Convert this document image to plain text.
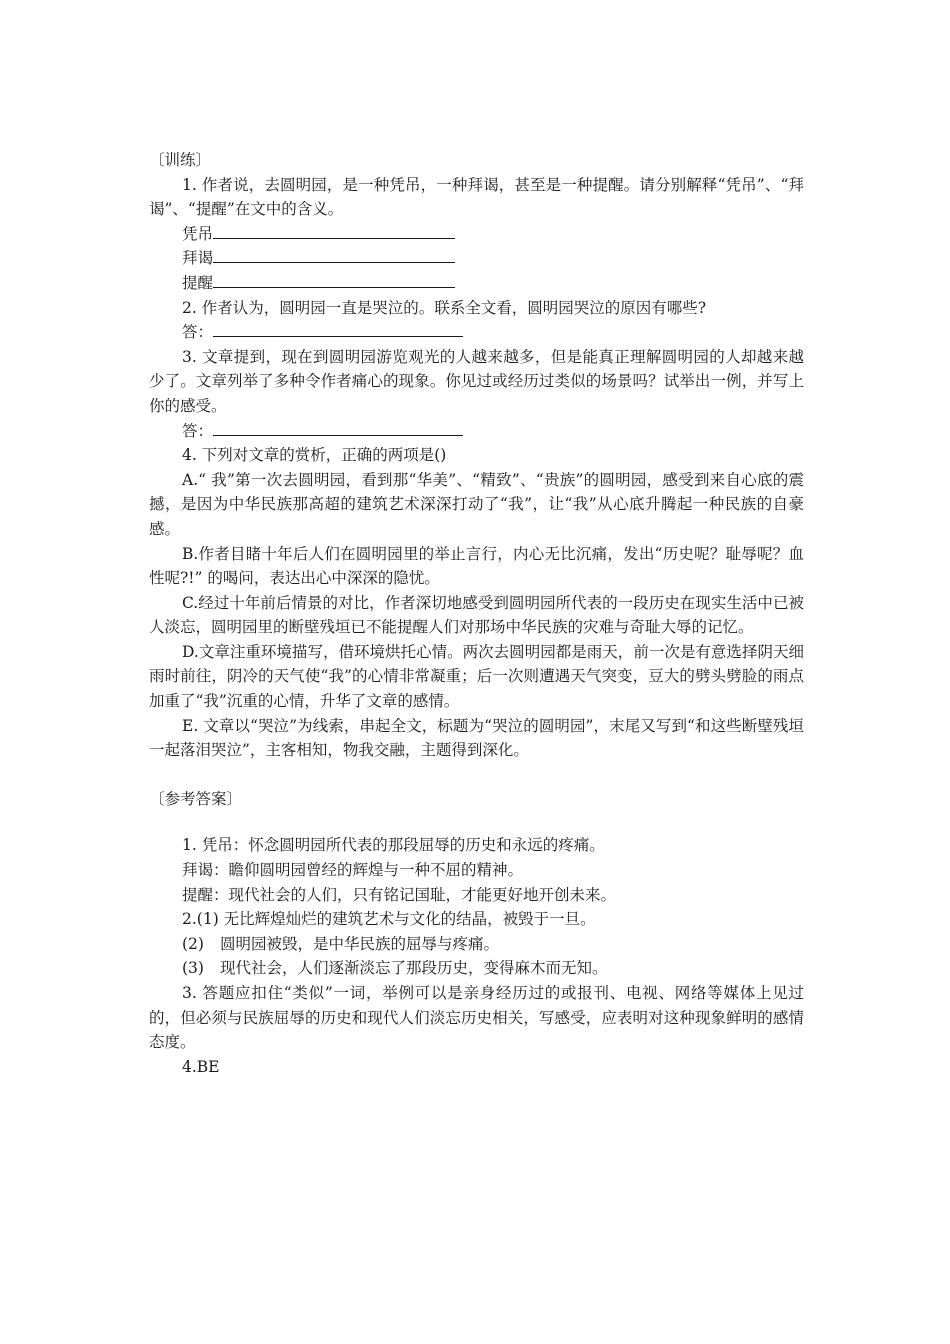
〔训练〕
1. 作者说，去圆明园，是一种凭吊，一种拜谒，甚至是一种提醒。请分别解释“凭吊”、“拜谒”、“提醒”在文中的含义。
凭吊
拜谒
提醒
2. 作者认为，圆明园一直是哭泣的。联系全文看，圆明园哭泣的原因有哪些?
答：
3. 文章提到，现在到圆明园游览观光的人越来越多，但是能真正理解圆明园的人却越来越少了。文章列举了多种令作者痛心的现象。你见过或经历过类似的场景吗？试举出一例，并写上你的感受。
答：
4. 下列对文章的赏析，正确的两项是()
A.“ 我”第一次去圆明园，看到那“华美”、“精致”、“贵族”的圆明园，感受到来自心底的震撼，是因为中华民族那高超的建筑艺术深深打动了“我”，让“我”从心底升腾起一种民族的自豪感。
B.作者目睹十年后人们在圆明园里的举止言行，内心无比沉痛，发出“历史呢？耻辱呢？血性呢?!” 的喝问，表达出心中深深的隐忧。
C.经过十年前后情景的对比，作者深切地感受到圆明园所代表的一段历史在现实生活中已被人淡忘，圆明园里的断壁残垣已不能提醒人们对那场中华民族的灾难与奇耻大辱的记忆。
D.文章注重环境描写，借环境烘托心情。两次去圆明园都是雨天，前一次是有意选择阴天细雨时前往，阴冷的天气使“我”的心情非常凝重；后一次则遭遇天气突变，豆大的劈头劈脸的雨点加重了“我”沉重的心情，升华了文章的感情。
E. 文章以“哭泣”为线索，串起全文，标题为“哭泣的圆明园”，末尾又写到“和这些断壁残垣一起落泪哭泣”，主客相知，物我交融，主题得到深化。
〔参考答案〕
1. 凭吊：怀念圆明园所代表的那段屈辱的历史和永远的疼痛。
拜谒：瞻仰圆明园曾经的辉煌与一种不屈的精神。
提醒：现代社会的人们，只有铭记国耻，才能更好地开创未来。
2.(1) 无比辉煌灿烂的建筑艺术与文化的结晶，被毁于一旦。
(2) 圆明园被毁，是中华民族的屈辱与疼痛。
(3) 现代社会，人们逐渐淡忘了那段历史，变得麻木而无知。
3. 答题应扣住“类似”一词，举例可以是亲身经历过的或报刊、电视、网络等媒体上见过的，但必须与民族屈辱的历史和现代人们淡忘历史相关，写感受，应表明对这种现象鲜明的感情态度。
4.BE
